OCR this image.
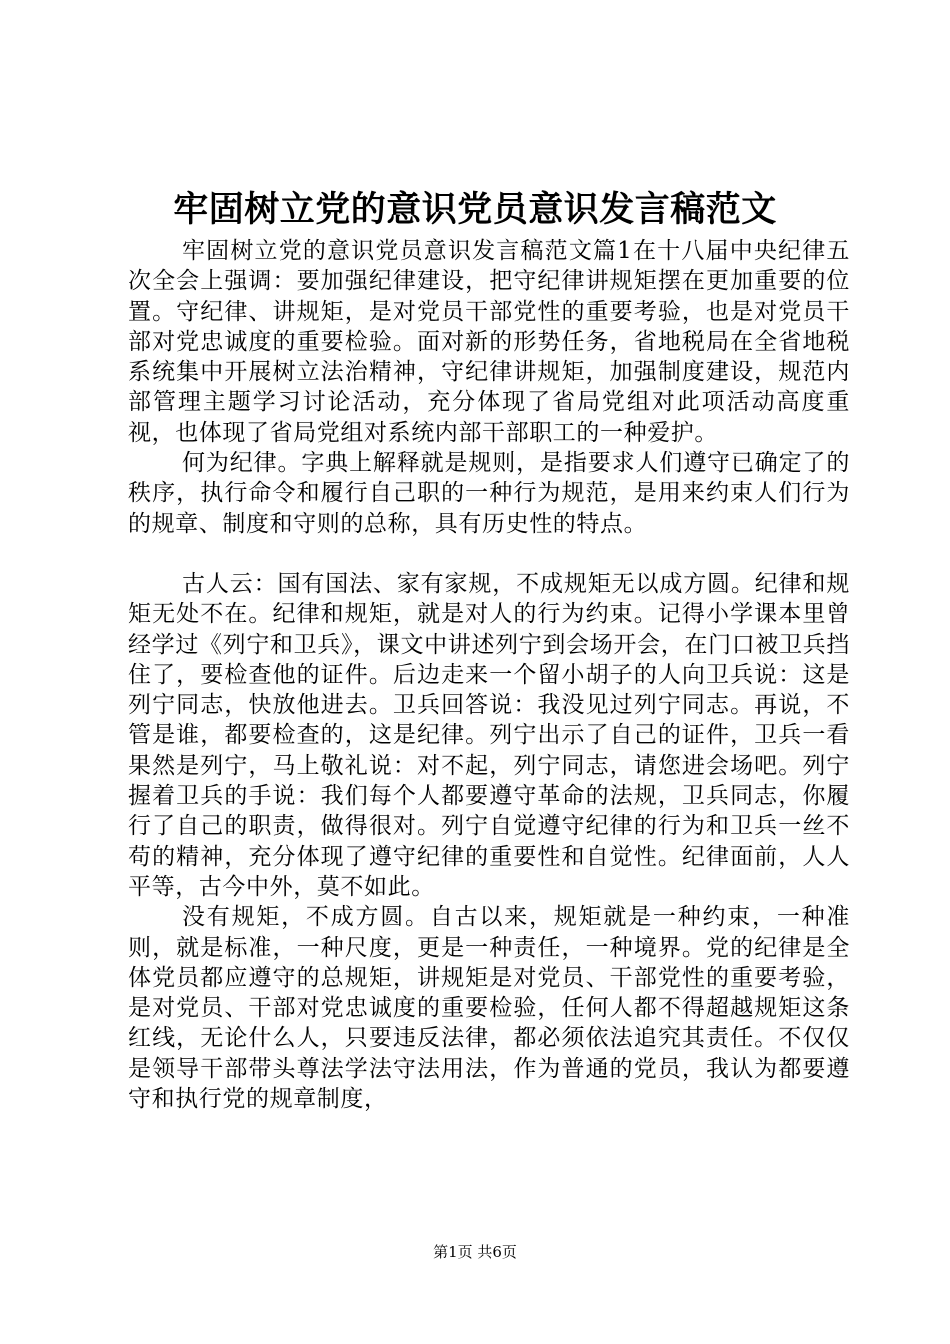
牢固树立党的意识党员意识发言稿范文

牢固树立党的意识党员意识发言稿范文篇1在十八届中央纪律五次全会上强调：要加强纪律建设，把守纪律讲规矩摆在更加重要的位置。守纪律、讲规矩，是对党员干部党性的重要考验，也是对党员干部对党忠诚度的重要检验。面对新的形势任务，省地税局在全省地税系统集中开展树立法治精神，守纪律讲规矩，加强制度建设，规范内部管理主题学习讨论活动，充分体现了省局党组对此项活动高度重视，也体现了省局党组对系统内部干部职工的一种爱护。

何为纪律。字典上解释就是规则，是指要求人们遵守已确定了的秩序，执行命令和履行自己职的一种行为规范，是用来约束人们行为的规章、制度和守则的总称，具有历史性的特点。

古人云：国有国法、家有家规，不成规矩无以成方圆。纪律和规矩无处不在。纪律和规矩，就是对人的行为约束。记得小学课本里曾经学过《列宁和卫兵》，课文中讲述列宁到会场开会，在门口被卫兵挡住了，要检查他的证件。后边走来一个留小胡子的人向卫兵说：这是列宁同志，快放他进去。卫兵回答说：我没见过列宁同志。再说，不管是谁，都要检查的，这是纪律。列宁出示了自己的证件，卫兵一看果然是列宁，马上敬礼说：对不起，列宁同志，请您进会场吧。列宁握着卫兵的手说：我们每个人都要遵守革命的法规，卫兵同志，你履行了自己的职责，做得很对。列宁自觉遵守纪律的行为和卫兵一丝不苟的精神，充分体现了遵守纪律的重要性和自觉性。纪律面前，人人平等，古今中外，莫不如此。

没有规矩，不成方圆。自古以来，规矩就是一种约束，一种准则，就是标准，一种尺度，更是一种责任，一种境界。党的纪律是全体党员都应遵守的总规矩，讲规矩是对党员、干部党性的重要考验，是对党员、干部对党忠诚度的重要检验，任何人都不得超越规矩这条红线，无论什么人，只要违反法律，都必须依法追究其责任。不仅仅是领导干部带头尊法学法守法用法，作为普通的党员，我认为都要遵守和执行党的规章制度，

第1页 共6页
